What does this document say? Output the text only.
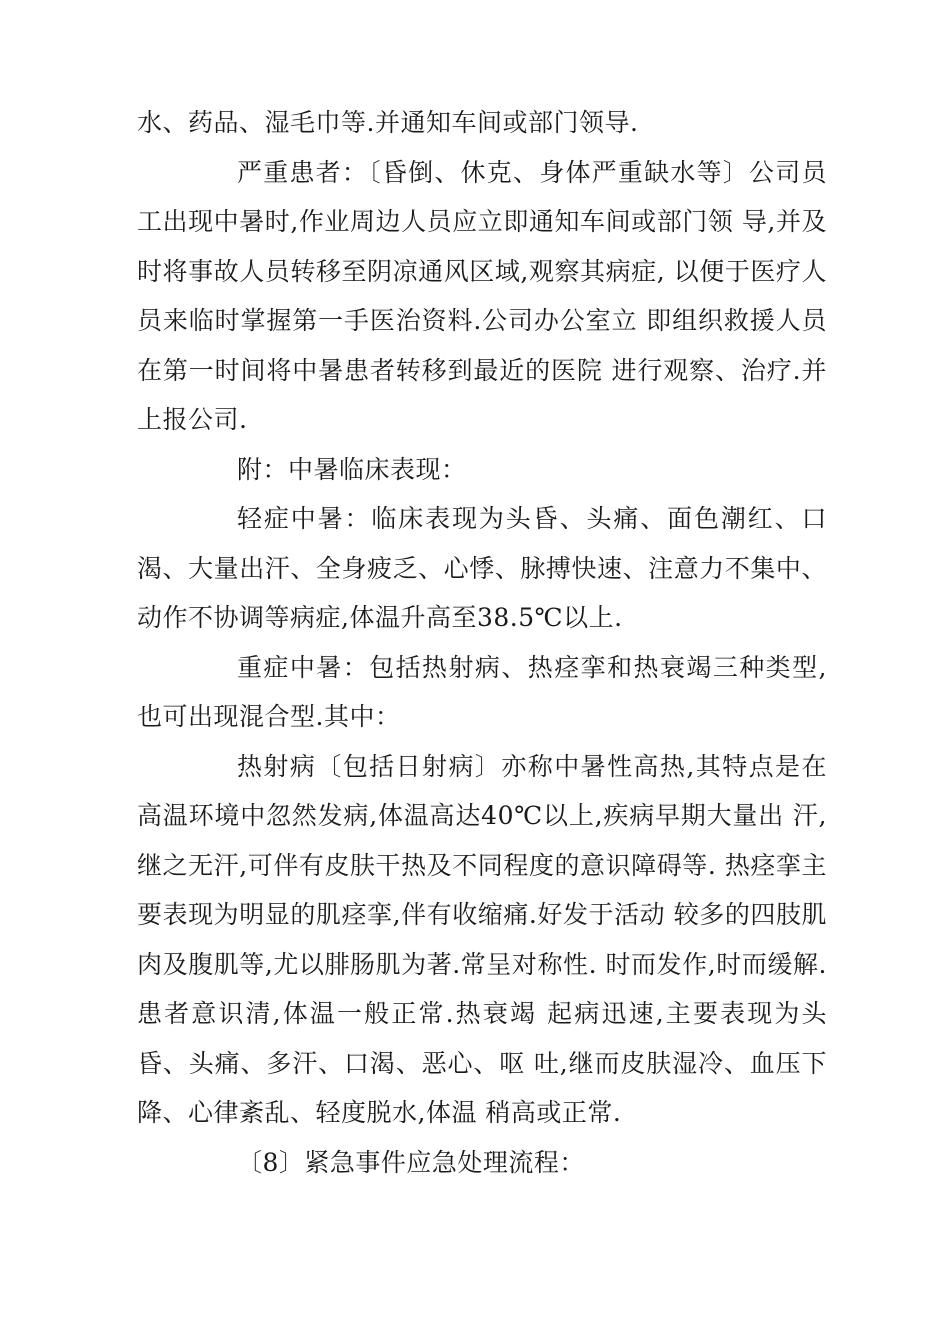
水、药品、湿毛巾等.并通知车间或部门领导.

严重患者：〔昏倒、休克、身体严重缺水等〕公司员工出现中暑时,作业周边人员应立即通知车间或部门领 导,并及时将事故人员转移至阴凉通风区域,观察其病症, 以便于医疗人员来临时掌握第一手医治资料.公司办公室立 即组织救援人员在第一时间将中暑患者转移到最近的医院 进行观察、治疗.并上报公司.

附：中暑临床表现：

轻症中暑：临床表现为头昏、头痛、面色潮红、口渴、大量出汗、全身疲乏、心悸、脉搏快速、注意力不集中、动作不协调等病症,体温升高至38.5℃以上.

重症中暑：包括热射病、热痉挛和热衰竭三种类型,也可出现混合型.其中：

热射病〔包括日射病〕亦称中暑性高热,其特点是在高温环境中忽然发病,体温高达40℃以上,疾病早期大量出 汗,继之无汗,可伴有皮肤干热及不同程度的意识障碍等. 热痉挛主要表现为明显的肌痉挛,伴有收缩痛.好发于活动 较多的四肢肌肉及腹肌等,尤以腓肠肌为著.常呈对称性. 时而发作,时而缓解.患者意识清,体温一般正常.热衰竭 起病迅速,主要表现为头昏、头痛、多汗、口渴、恶心、呕 吐,继而皮肤湿冷、血压下降、心律紊乱、轻度脱水,体温 稍高或正常.

〔8〕紧急事件应急处理流程：
